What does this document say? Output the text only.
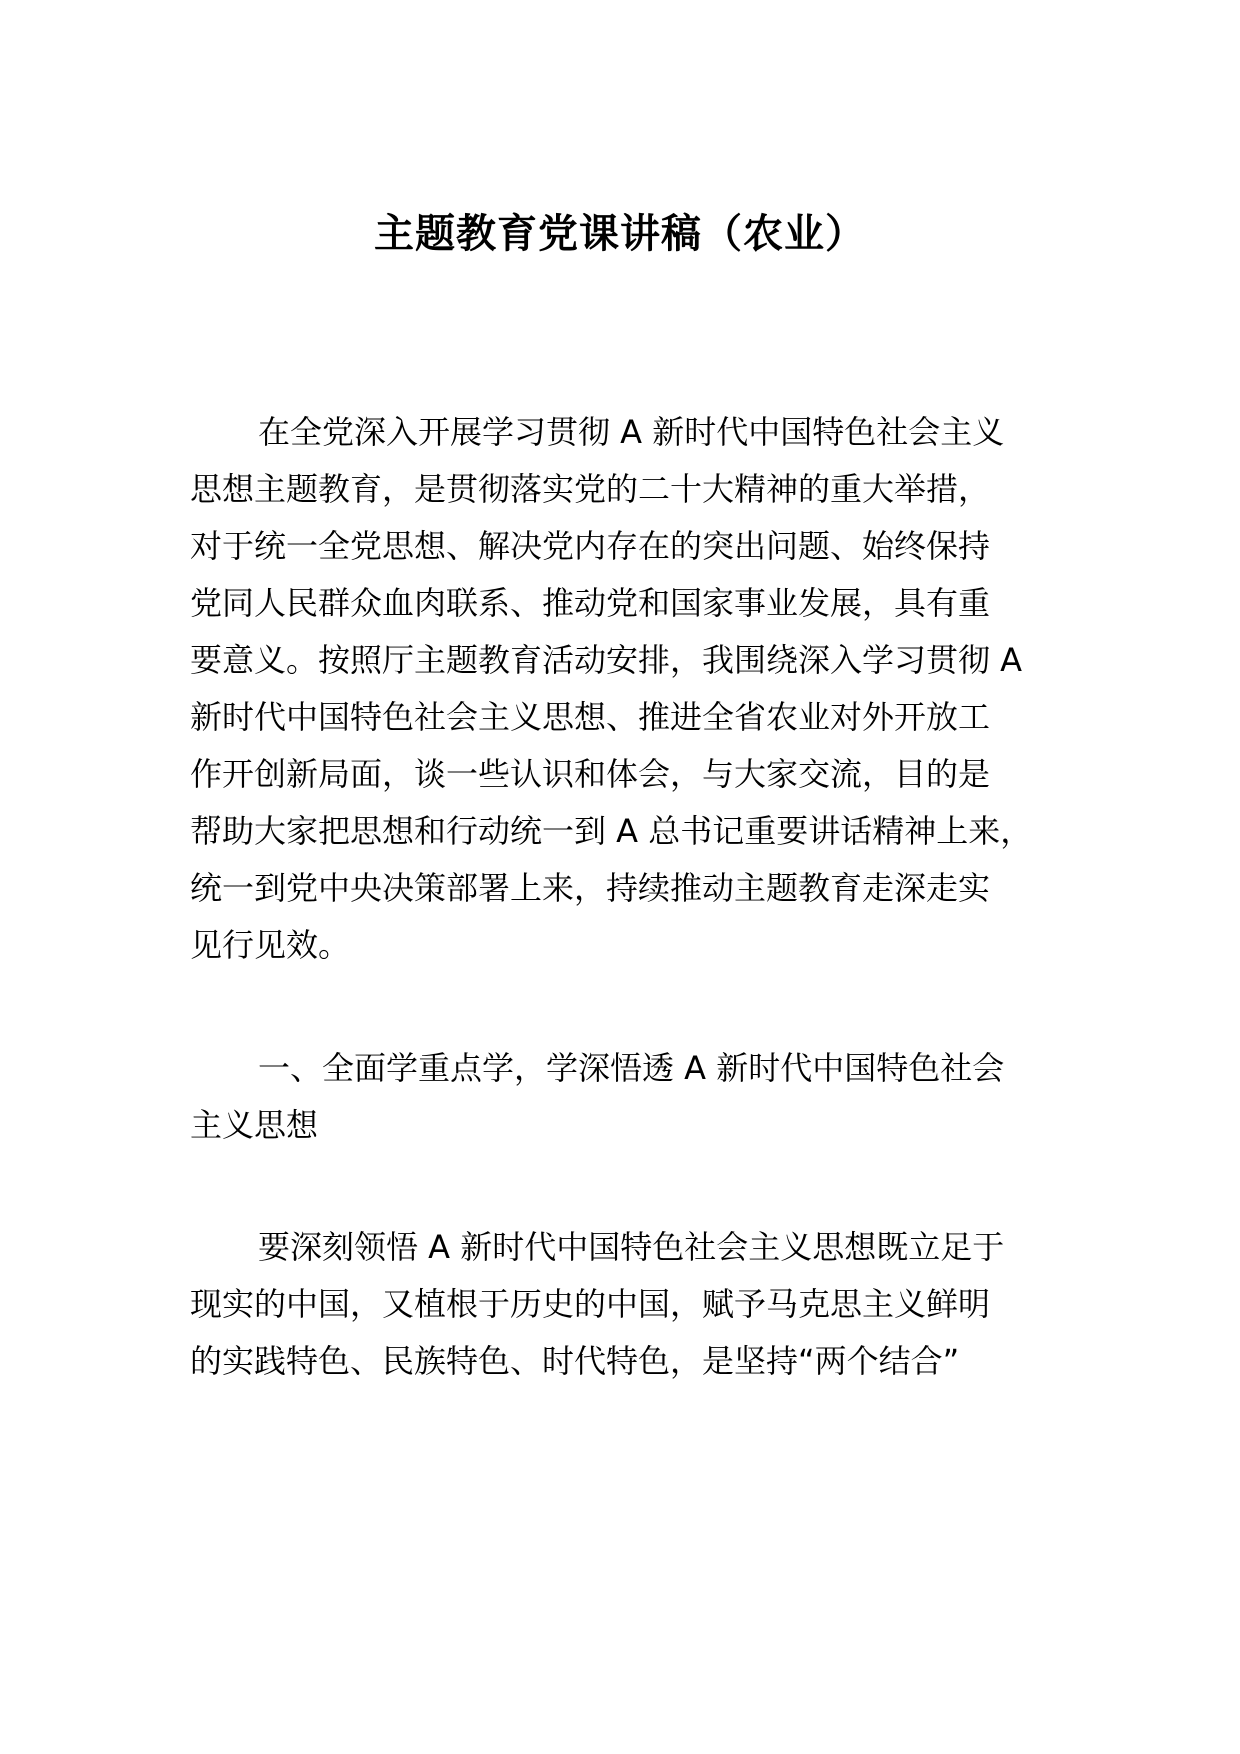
主题教育党课讲稿（农业）
在全党深入开展学习贯彻 A 新时代中国特色社会主义
思想主题教育，是贯彻落实党的二十大精神的重大举措，
对于统一全党思想、解决党内存在的突出问题、始终保持
党同人民群众血肉联系、推动党和国家事业发展，具有重
要意义。按照厅主题教育活动安排，我围绕深入学习贯彻 A
新时代中国特色社会主义思想、推进全省农业对外开放工
作开创新局面，谈一些认识和体会，与大家交流，目的是
帮助大家把思想和行动统一到 A 总书记重要讲话精神上来，
统一到党中央决策部署上来，持续推动主题教育走深走实
见行见效。
一、全面学重点学，学深悟透 A 新时代中国特色社会
主义思想
要深刻领悟 A 新时代中国特色社会主义思想既立足于
现实的中国，又植根于历史的中国，赋予马克思主义鲜明
的实践特色、民族特色、时代特色，是坚持“两个结合”
